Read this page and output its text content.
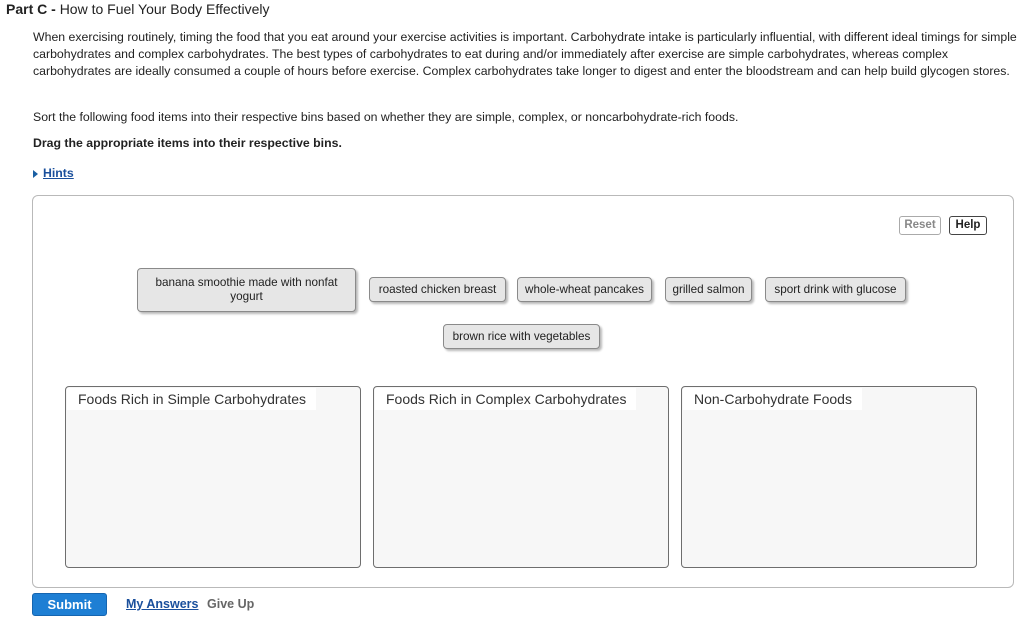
Part C - How to Fuel Your Body Effectively

When exercising routinely, timing the food that you eat around your exercise activities is important. Carbohydrate intake is particularly influential, with different ideal timings for simple carbohydrates and complex carbohydrates. The best types of carbohydrates to eat during and/or immediately after exercise are simple carbohydrates, whereas complex carbohydrates are ideally consumed a couple of hours before exercise. Complex carbohydrates take longer to digest and enter the bloodstream and can help build glycogen stores.

Sort the following food items into their respective bins based on whether they are simple, complex, or noncarbohydrate-rich foods.

Drag the appropriate items into their respective bins.

Hints
Reset	Help
banana smoothie made with nonfat yogurt
roasted chicken breast	whole-wheat pancakes	grilled salmon	sport drink with glucose
brown rice with vegetables
Foods Rich in Simple Carbohydrates	Foods Rich in Complex Carbohydrates	Non-Carbohydrate Foods
Submit	My Answers Give Up
